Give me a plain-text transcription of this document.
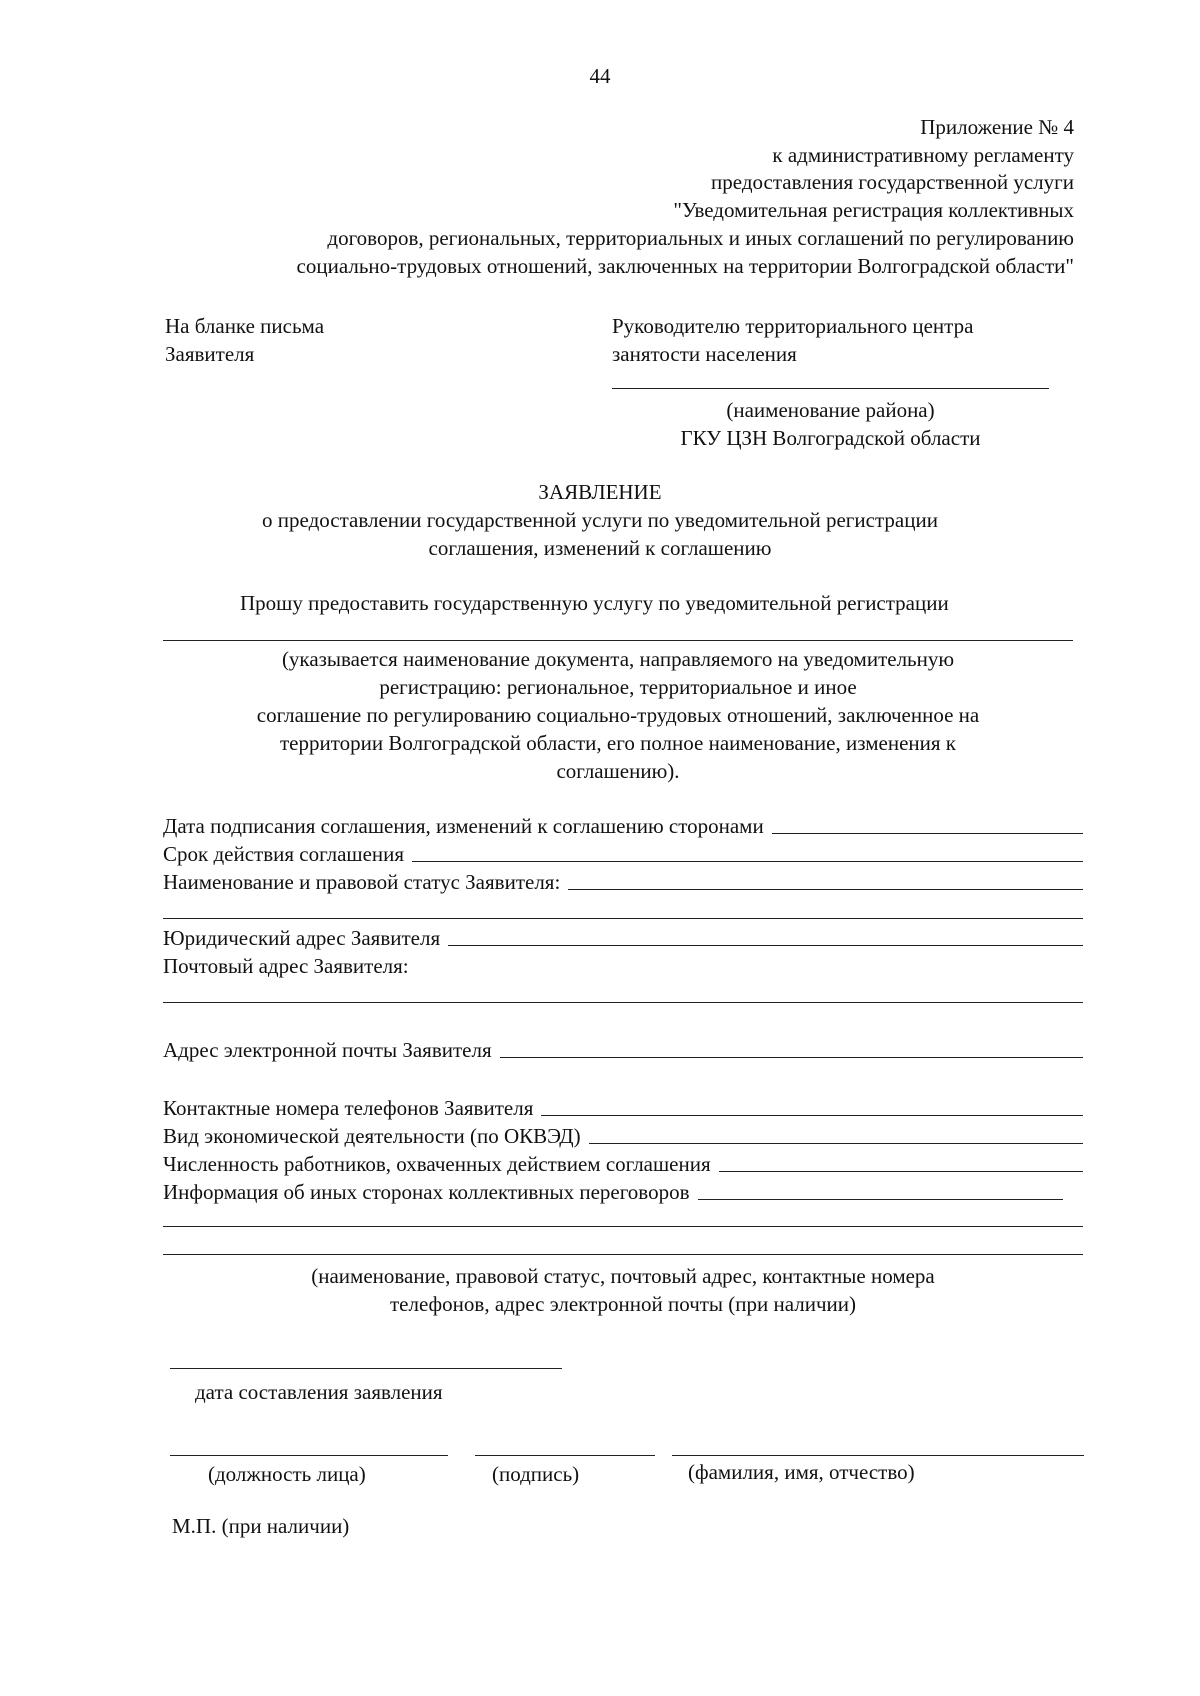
44
Приложение № 4
к административному регламенту
предоставления государственной услуги
"Уведомительная регистрация коллективных
договоров, региональных, территориальных и иных соглашений по регулированию
социально-трудовых отношений, заключенных на территории Волгоградской области"
На бланке письма
Заявителя
Руководителю территориального центра
занятости населения
(наименование района)
ГКУ ЦЗН Волгоградской области
ЗАЯВЛЕНИЕ
о предоставлении государственной услуги по уведомительной регистрации
соглашения, изменений к соглашению
Прошу предоставить государственную услугу по уведомительной регистрации
(указывается наименование документа, направляемого на уведомительную
регистрацию: региональное, территориальное и иное
соглашение по регулированию социально-трудовых отношений, заключенное на
территории Волгоградской области, его полное наименование, изменения к
соглашению).
Дата подписания соглашения, изменений к соглашению сторонами
Срок действия соглашения
Наименование и правовой статус Заявителя:
Юридический адрес Заявителя
Почтовый адрес Заявителя:
Адрес электронной почты Заявителя
Контактные номера телефонов Заявителя
Вид экономической деятельности (по ОКВЭД)
Численность работников, охваченных действием соглашения
Информация об иных сторонах коллективных переговоров
(наименование, правовой статус, почтовый адрес, контактные номера
телефонов, адрес электронной почты (при наличии)
дата составления заявления
(должность лица)	(подпись)	(фамилия, имя, отчество)
М.П. (при наличии)
